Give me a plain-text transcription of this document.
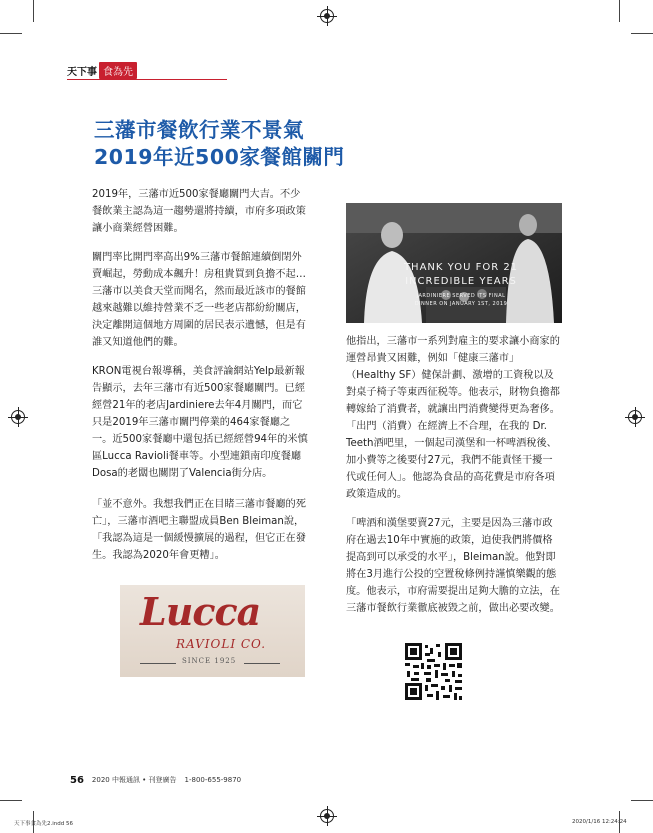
天下事 食為先
三藩市餐飲行業不景氣
2019年近500家餐館關門

2019年，三藩市近500家餐廳關門大吉。不少餐飲業主認為這一趨勢還將持續，市府多項政策讓小商業經營困難。

關門率比開門率高出9%三藩市餐館連續倒閉外賣崛起，勞動成本飆升！房租貴買到負擔不起…三藩市以美食天堂而聞名，然而最近該市的餐館越來越難以維持營業不乏一些老店都紛紛關店，決定離開這個地方周圍的居民表示遺憾，但是有誰又知道他們的難。

KRON電視台報導稱，美食評論網站Yelp最新報告顯示，去年三藩市有近500家餐廳關門。已經經營21年的老店Jardiniere去年4月關門，而它只是2019年三藩市關門停業的464家餐廳之一。近500家餐廳中還包括已經經營94年的米慎區Lucca Ravioli餐車等。小型連鎖南印度餐廳Dosa的老闆也關閉了Valencia街分店。

「並不意外。我想我們正在目睹三藩市餐廳的死亡」，三藩市酒吧主聯盟成員Ben Bleiman說，「我認為這是一個緩慢擴展的過程，但它正在發生。我認為2020年會更糟」。

THANK YOU FOR 21
INCREDIBLE YEARS
JARDINIERE SERVED ITS FINAL
DINNER ON JANUARY 1ST, 2019

他指出，三藩市一系列對雇主的要求讓小商家的運營昂貴又困難，例如「健康三藩市」（Healthy SF）健保計劃、激增的工資稅以及對桌子椅子等東西征税等。他表示，財物負擔都轉嫁給了消費者，就讓出門消費變得更為奢侈。「出門（消費）在經濟上不合理，在我的 Dr. Teeth酒吧里，一個起司漢堡和一杯啤酒稅後、加小費等之後要付27元，我們不能責怪干擾一代或任何人」。他認為食品的高花費是市府各項政策造成的。

「啤酒和漢堡要賣27元，主要是因為三藩市政府在過去10年中實施的政策，迫使我們將價格提高到可以承受的水平」，Bleiman說。他對即將在3月進行公投的空置稅條例持謹慎樂觀的態度。他表示，市府需要提出足夠大膽的立法，在三藩市餐飲行業徹底被毀之前，做出必要改變。

Lucca
RAVIOLI CO.
SINCE 1925
56 2020 中報通訊 • 刊登廣告 1-800-655-9870
天下事食為先2.indd 56	2020/1/16 12:24:24
